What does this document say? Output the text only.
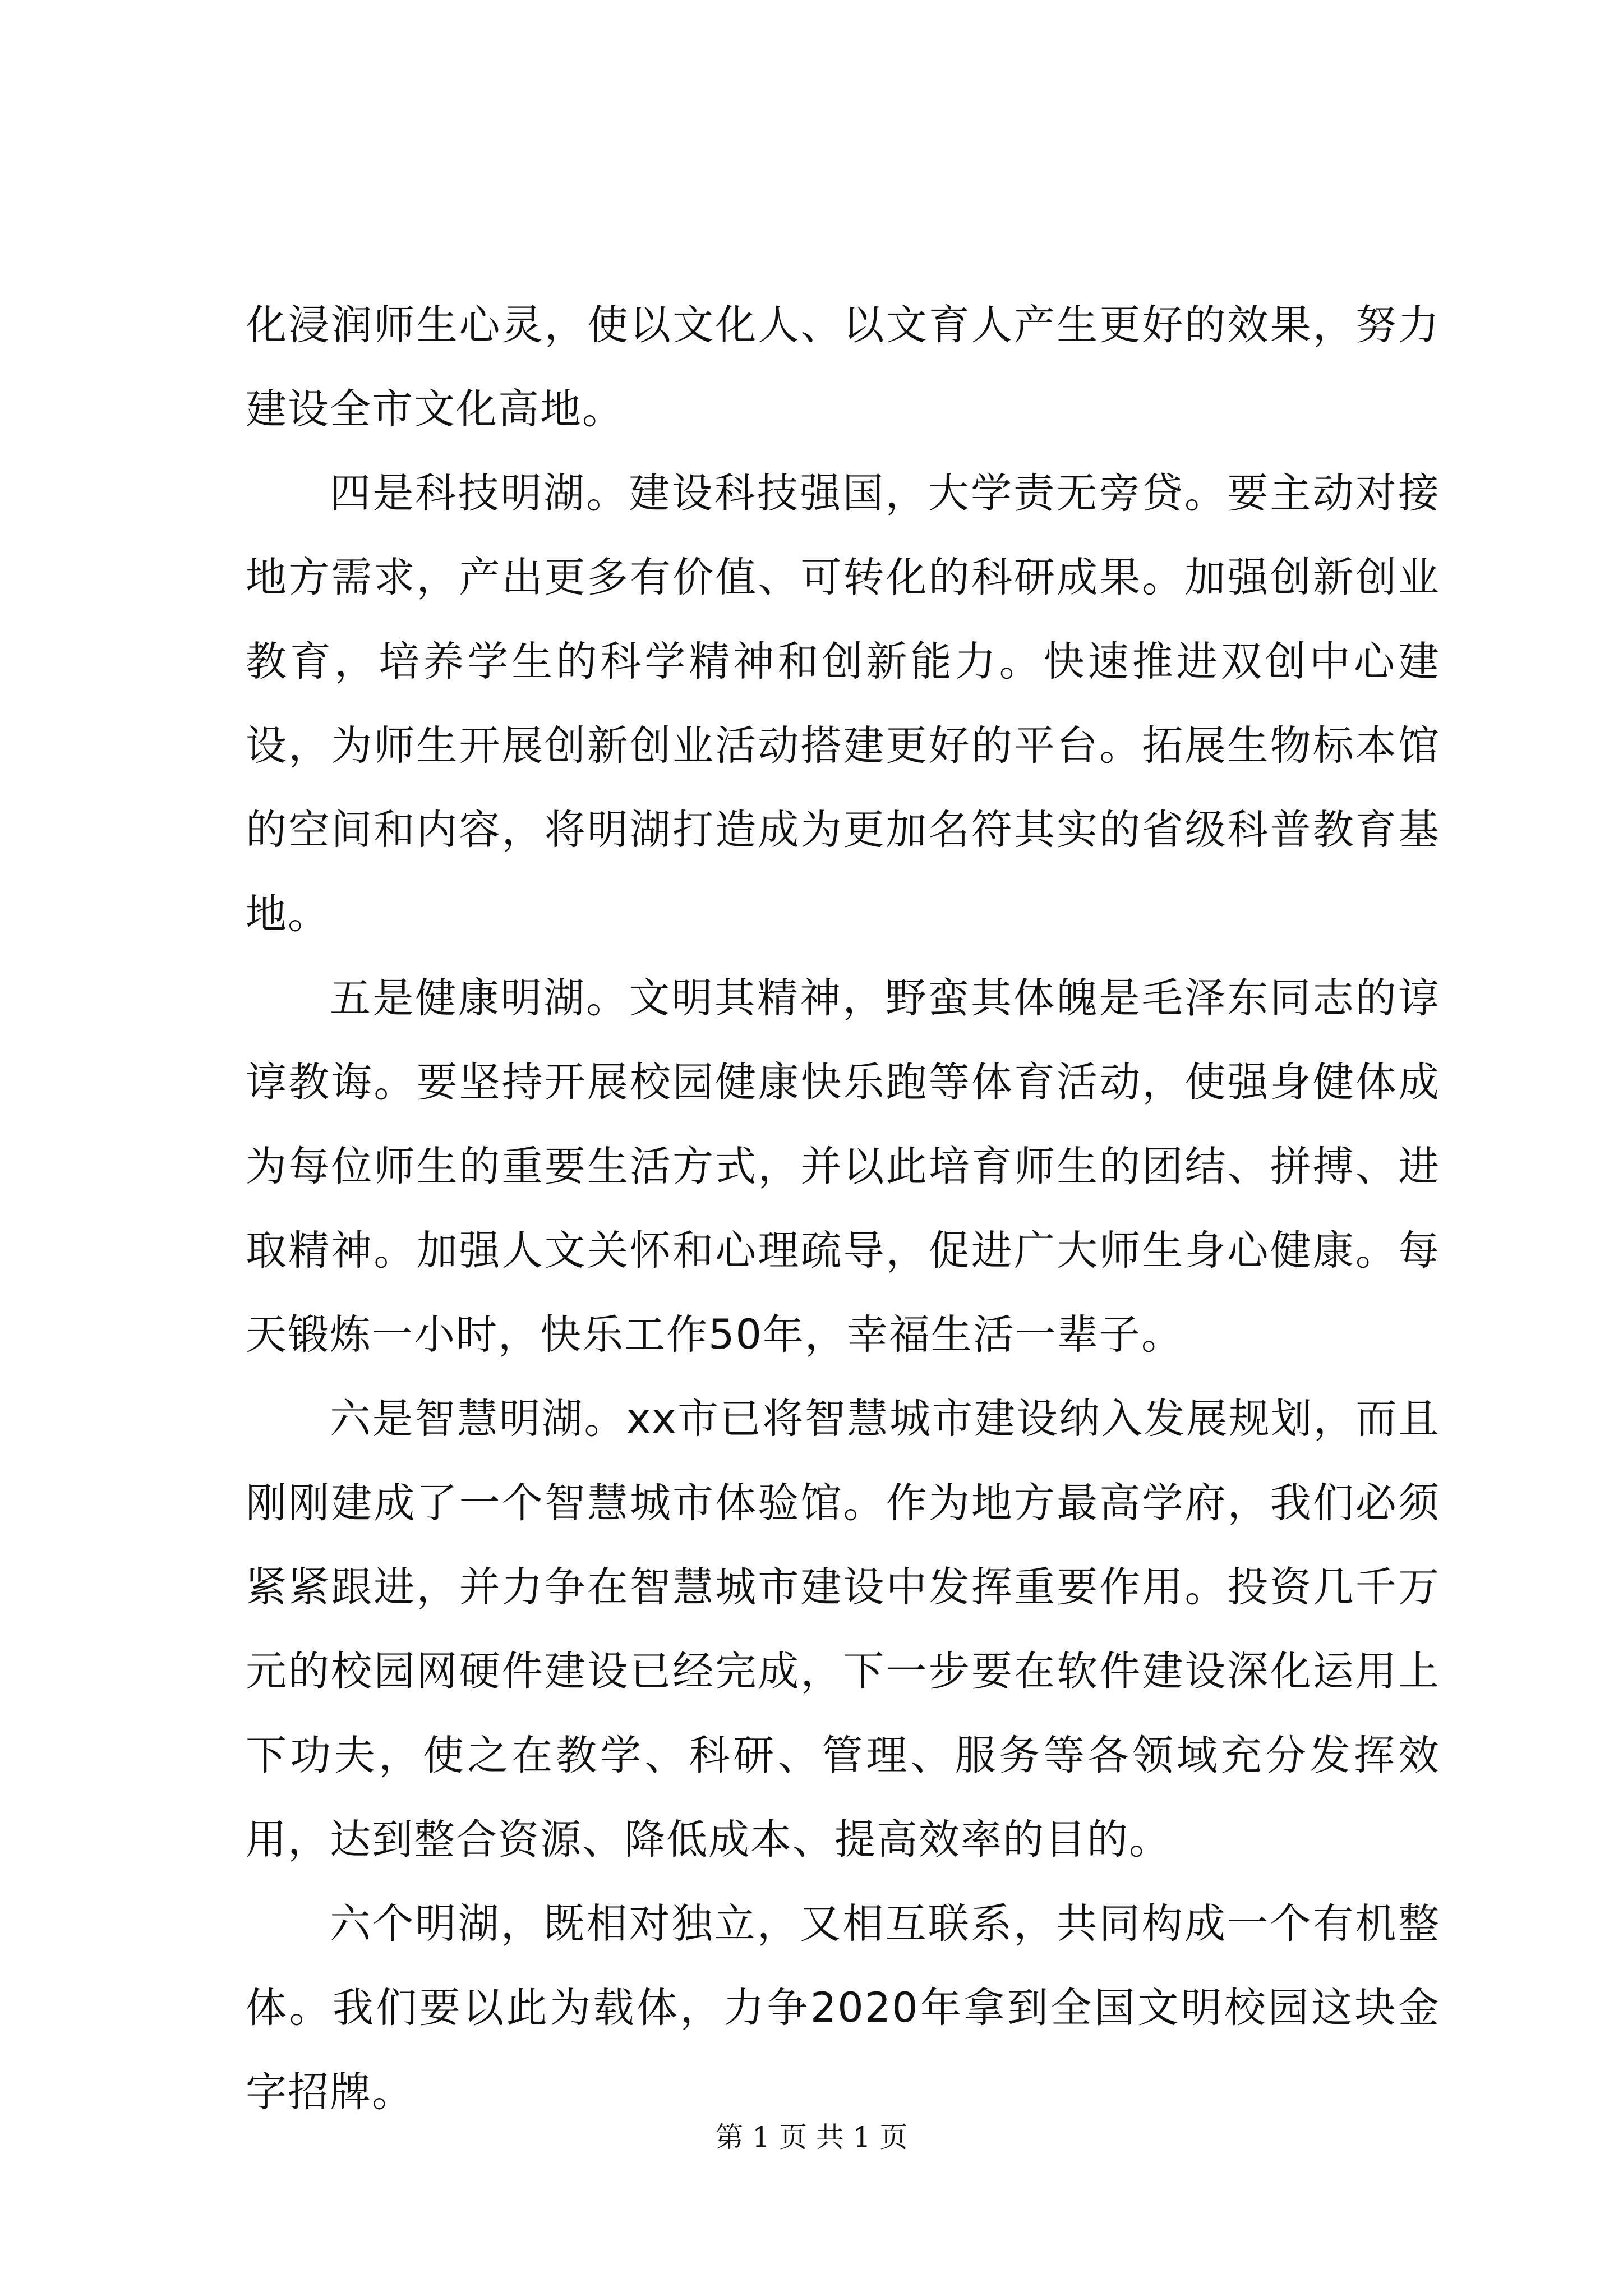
化浸润师生心灵，使以文化人、以文育人产生更好的效果，努力建设全市文化高地。

四是科技明湖。建设科技强国，大学责无旁贷。要主动对接地方需求，产出更多有价值、可转化的科研成果。加强创新创业教育，培养学生的科学精神和创新能力。快速推进双创中心建设，为师生开展创新创业活动搭建更好的平台。拓展生物标本馆的空间和内容，将明湖打造成为更加名符其实的省级科普教育基地。

五是健康明湖。文明其精神，野蛮其体魄是毛泽东同志的谆谆教诲。要坚持开展校园健康快乐跑等体育活动，使强身健体成为每位师生的重要生活方式，并以此培育师生的团结、拼搏、进取精神。加强人文关怀和心理疏导，促进广大师生身心健康。每天锻炼一小时，快乐工作50年，幸福生活一辈子。

六是智慧明湖。xx市已将智慧城市建设纳入发展规划，而且刚刚建成了一个智慧城市体验馆。作为地方最高学府，我们必须紧紧跟进，并力争在智慧城市建设中发挥重要作用。投资几千万元的校园网硬件建设已经完成，下一步要在软件建设深化运用上下功夫，使之在教学、科研、管理、服务等各领域充分发挥效用，达到整合资源、降低成本、提高效率的目的。

六个明湖，既相对独立，又相互联系，共同构成一个有机整体。我们要以此为载体，力争2020年拿到全国文明校园这块金字招牌。

第 1 页 共 1 页
